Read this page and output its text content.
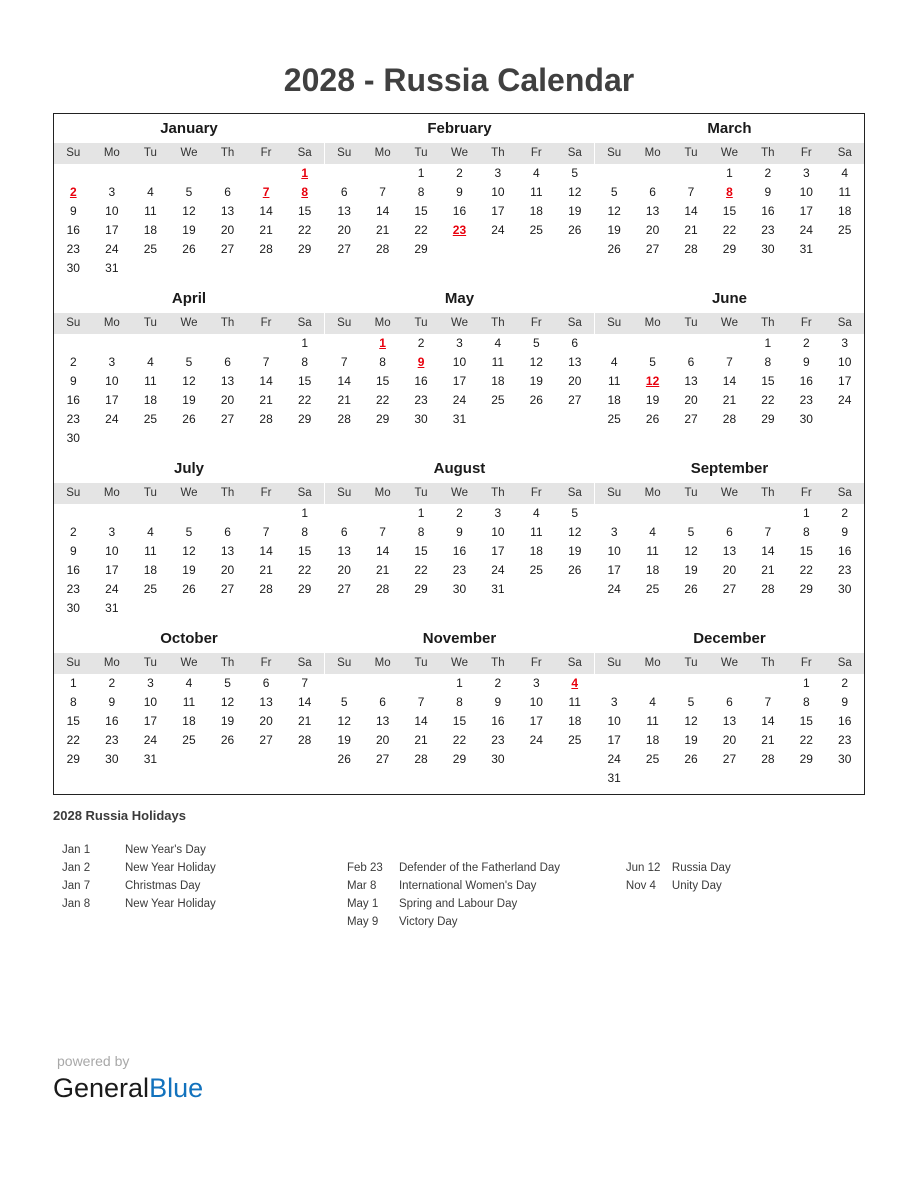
2028 - Russia Calendar
January
Su	Mo	Tu	We	Th	Fr	Sa
						1
2	3	4	5	6	7	8
9	10	11	12	13	14	15
16	17	18	19	20	21	22
23	24	25	26	27	28	29
30	31					
February
Su	Mo	Tu	We	Th	Fr	Sa
		1	2	3	4	5
6	7	8	9	10	11	12
13	14	15	16	17	18	19
20	21	22	23	24	25	26
27	28	29				

March
Su	Mo	Tu	We	Th	Fr	Sa
			1	2	3	4
5	6	7	8	9	10	11
12	13	14	15	16	17	18
19	20	21	22	23	24	25
26	27	28	29	30	31	

April
Su	Mo	Tu	We	Th	Fr	Sa
						1
2	3	4	5	6	7	8
9	10	11	12	13	14	15
16	17	18	19	20	21	22
23	24	25	26	27	28	29
30						
May
Su	Mo	Tu	We	Th	Fr	Sa
	1	2	3	4	5	6
7	8	9	10	11	12	13
14	15	16	17	18	19	20
21	22	23	24	25	26	27
28	29	30	31			

June
Su	Mo	Tu	We	Th	Fr	Sa
				1	2	3
4	5	6	7	8	9	10
11	12	13	14	15	16	17
18	19	20	21	22	23	24
25	26	27	28	29	30	

July
Su	Mo	Tu	We	Th	Fr	Sa
						1
2	3	4	5	6	7	8
9	10	11	12	13	14	15
16	17	18	19	20	21	22
23	24	25	26	27	28	29
30	31					
August
Su	Mo	Tu	We	Th	Fr	Sa
		1	2	3	4	5
6	7	8	9	10	11	12
13	14	15	16	17	18	19
20	21	22	23	24	25	26
27	28	29	30	31		

September
Su	Mo	Tu	We	Th	Fr	Sa
					1	2
3	4	5	6	7	8	9
10	11	12	13	14	15	16
17	18	19	20	21	22	23
24	25	26	27	28	29	30

October
Su	Mo	Tu	We	Th	Fr	Sa
1	2	3	4	5	6	7
8	9	10	11	12	13	14
15	16	17	18	19	20	21
22	23	24	25	26	27	28
29	30	31				

November
Su	Mo	Tu	We	Th	Fr	Sa
			1	2	3	4
5	6	7	8	9	10	11
12	13	14	15	16	17	18
19	20	21	22	23	24	25
26	27	28	29	30		

December
Su	Mo	Tu	We	Th	Fr	Sa
					1	2
3	4	5	6	7	8	9
10	11	12	13	14	15	16
17	18	19	20	21	22	23
24	25	26	27	28	29	30
31						
2028 Russia Holidays
Jan 1	New Year's Day
Jan 2	New Year Holiday
Jan 7	Christmas Day
Jan 8	New Year Holiday

Feb 23	Defender of the Fatherland Day
Mar 8	International Women's Day
May 1	Spring and Labour Day
May 9	Victory Day

Jun 12 Russia Day
Nov 4	Unity Day
powered by
GeneralBlue
